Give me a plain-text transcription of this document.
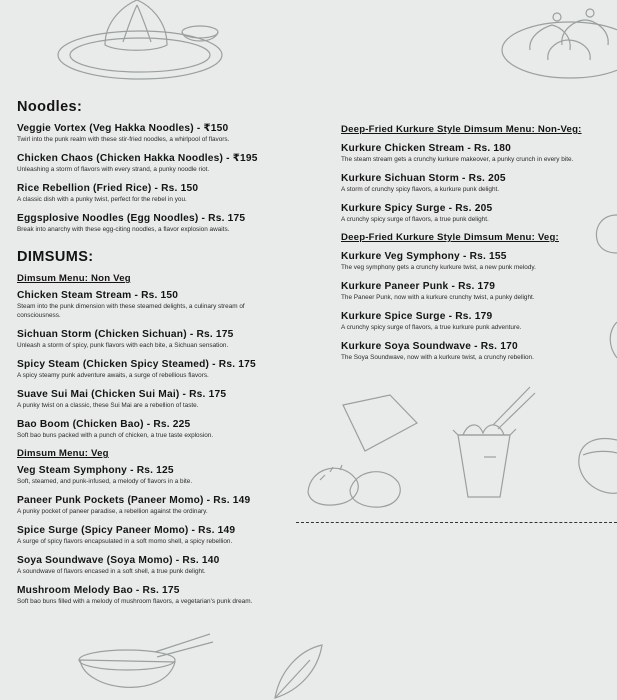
Noodles:
DIMSUMS:
Veggie Vortex (Veg Hakka Noodles) - ₹150
Twirl into the punk realm with these stir-fried noodles, a whirlpool of flavors.
Chicken Chaos (Chicken Hakka Noodles) - ₹195
Unleashing a storm of flavors with every strand, a punky noodle riot.
Rice Rebellion (Fried Rice) - Rs. 150
A classic dish with a punky twist, perfect for the rebel in you.
Eggsplosive Noodles (Egg Noodles) - Rs. 175
Break into anarchy with these egg-citing noodles, a flavor explosion awaits.
Dimsum Menu: Non Veg
Chicken Steam Stream - Rs. 150
Steam into the punk dimension with these steamed delights, a culinary stream of consciousness.
Sichuan Storm (Chicken Sichuan) - Rs. 175
Unleash a storm of spicy, punk flavors with each bite, a Sichuan sensation.
Spicy Steam (Chicken Spicy Steamed) - Rs. 175
A spicy steamy punk adventure awaits, a surge of rebellious flavors.
Suave Sui Mai (Chicken Sui Mai) - Rs. 175
A punky twist on a classic, these Sui Mai are a rebellion of taste.
Bao Boom (Chicken Bao) - Rs. 225
Soft bao buns packed with a punch of chicken, a true taste explosion.
Dimsum Menu: Veg
Veg Steam Symphony - Rs. 125
Soft, steamed, and punk-infused, a melody of flavors in a bite.
Paneer Punk Pockets (Paneer Momo) - Rs. 149
A punky pocket of paneer paradise, a rebellion against the ordinary.
Spice Surge (Spicy Paneer Momo) - Rs. 149
A surge of spicy flavors encapsulated in a soft momo shell, a spicy rebellion.
Soya Soundwave (Soya Momo) - Rs. 140
A soundwave of flavors encased in a soft shell, a true punk delight.
Mushroom Melody Bao - Rs. 175
Soft bao buns filled with a melody of mushroom flavors, a vegetarian's punk dream.
Deep-Fried Kurkure Style Dimsum Menu: Non-Veg:
Kurkure Chicken Stream - Rs. 180
The steam stream gets a crunchy kurkure makeover, a punky crunch in every bite.
Kurkure Sichuan Storm - Rs. 205
A storm of crunchy spicy flavors, a kurkure punk delight.
Kurkure Spicy Surge - Rs. 205
A crunchy spicy surge of flavors, a true punk delight.
Deep-Fried Kurkure Style Dimsum Menu: Veg:
Kurkure Veg Symphony - Rs. 155
The veg symphony gets a crunchy kurkure twist, a new punk melody.
Kurkure Paneer Punk - Rs. 179
The Paneer Punk, now with a kurkure crunchy twist, a punky delight.
Kurkure Spice Surge - Rs. 179
A crunchy spicy surge of flavors, a true kurkure punk adventure.
Kurkure Soya Soundwave - Rs. 170
The Soya Soundwave, now with a kurkure twist, a crunchy rebellion.
